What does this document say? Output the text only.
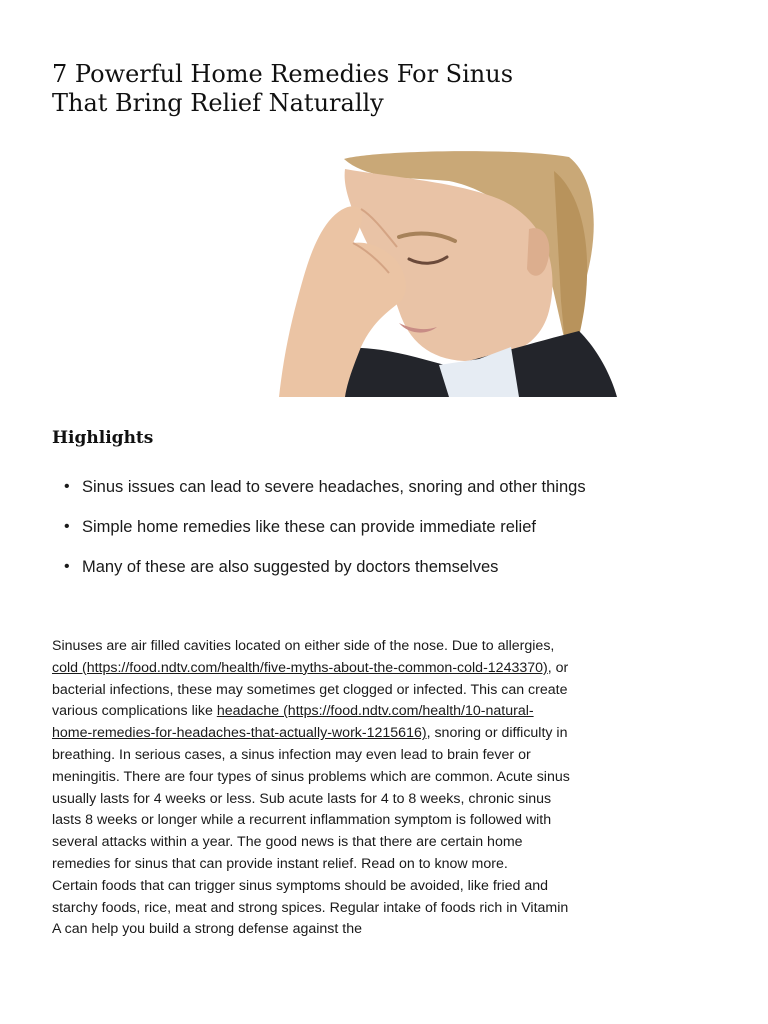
7 Powerful Home Remedies For Sinus
That Bring Relief Naturally
Highlights
• Sinus issues can lead to severe headaches, snoring and other things
• Simple home remedies like these can provide immediate relief
• Many of these are also suggested by doctors themselves

Sinuses are air filled cavities located on either side of the nose. Due to allergies, cold (https://food.ndtv.com/health/five-myths-about-the-common-cold-1243370), or bacterial infections, these may sometimes get clogged or infected. This can create various complications like headache (https://food.ndtv.com/health/10-natural-home-remedies-for-headaches-that-actually-work-1215616), snoring or difficulty in breathing. In serious cases, a sinus infection may even lead to brain fever or meningitis. There are four types of sinus problems which are common. Acute sinus usually lasts for 4 weeks or less. Sub acute lasts for 4 to 8 weeks, chronic sinus lasts 8 weeks or longer while a recurrent inflammation symptom is followed with several attacks within a year. The good news is that there are certain home remedies for sinus that can provide instant relief. Read on to know more.

Certain foods that can trigger sinus symptoms should be avoided, like fried and starchy foods, rice, meat and strong spices. Regular intake of foods rich in Vitamin A can help you build a strong defense against the
